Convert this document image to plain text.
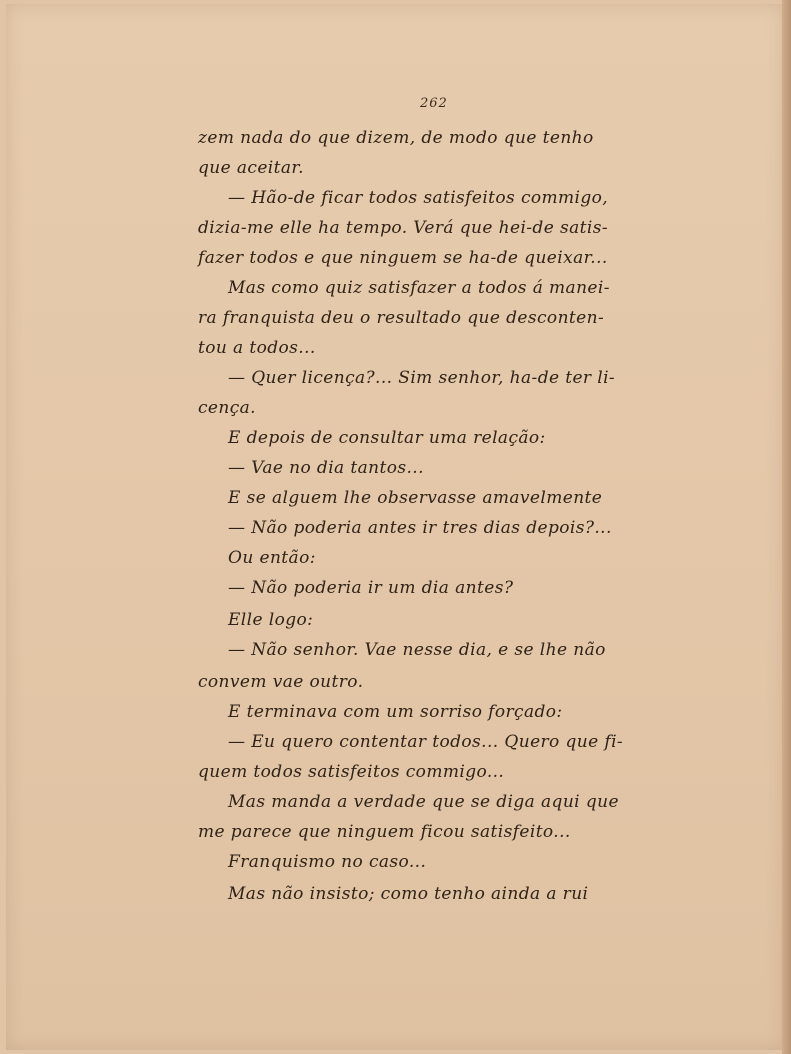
262
zem nada do que dizem, de modo que tenho
que aceitar.
— Hão-de ficar todos satisfeitos commigo,
dizia-me elle ha tempo. Verá que hei-de satis-
fazer todos e que ninguem se ha-de queixar...
Mas como quiz satisfazer a todos á manei-
ra franquista deu o resultado que desconten-
tou a todos...
— Quer licença?... Sim senhor, ha-de ter li-
cença.
E depois de consultar uma relação:
— Vae no dia tantos...
E se alguem lhe observasse amavelmente
— Não poderia antes ir tres dias depois?...
Ou então:
— Não poderia ir um dia antes?
Elle logo:
— Não senhor. Vae nesse dia, e se lhe não
convem vae outro.
E terminava com um sorriso forçado:
— Eu quero contentar todos... Quero que fi-
quem todos satisfeitos commigo...
Mas manda a verdade que se diga aqui que
me parece que ninguem ficou satisfeito...
Franquismo no caso...
Mas não insisto; como tenho ainda a rui
